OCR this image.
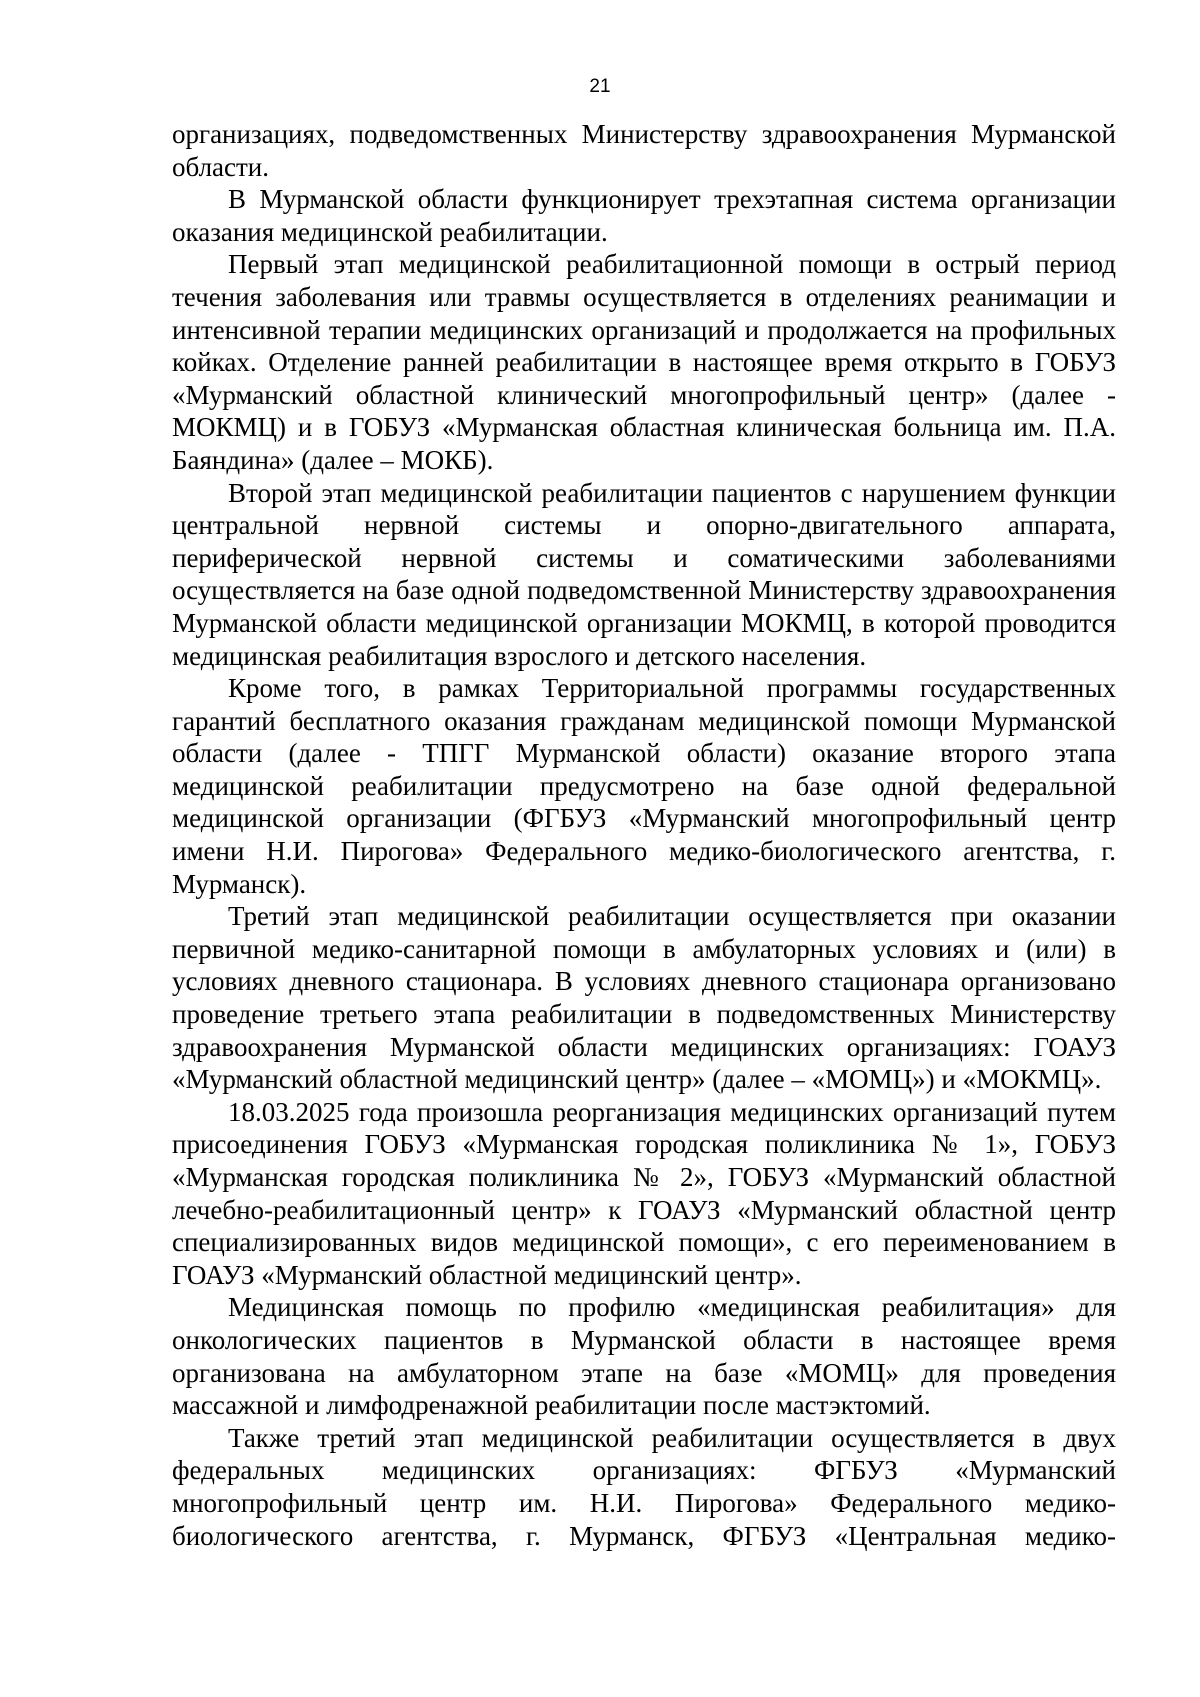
21

организациях, подведомственных Министерству здравоохранения Мурманской области.

В Мурманской области функционирует трехэтапная система организации оказания медицинской реабилитации.

Первый этап медицинской реабилитационной помощи в острый период течения заболевания или травмы осуществляется в отделениях реанимации и интенсивной терапии медицинских организаций и продолжается на профильных койках. Отделение ранней реабилитации в настоящее время открыто в ГОБУЗ «Мурманский областной клинический многопрофильный центр» (далее - МОКМЦ) и в ГОБУЗ «Мурманская областная клиническая больница им. П.А. Баяндина» (далее – МОКБ).

Второй этап медицинской реабилитации пациентов с нарушением функции центральной нервной системы и опорно-двигательного аппарата, периферической нервной системы и соматическими заболеваниями осуществляется на базе одной подведомственной Министерству здравоохранения Мурманской области медицинской организации МОКМЦ, в которой проводится медицинская реабилитация взрослого и детского населения.

Кроме того, в рамках Территориальной программы государственных гарантий бесплатного оказания гражданам медицинской помощи Мурманской области (далее - ТПГГ Мурманской области) оказание второго этапа медицинской реабилитации предусмотрено на базе одной федеральной медицинской организации (ФГБУЗ «Мурманский многопрофильный центр имени Н.И. Пирогова» Федерального медико-биологического агентства, г. Мурманск).

Третий этап медицинской реабилитации осуществляется при оказании первичной медико-санитарной помощи в амбулаторных условиях и (или) в условиях дневного стационара. В условиях дневного стационара организовано проведение третьего этапа реабилитации в подведомственных Министерству здравоохранения Мурманской области медицинских организациях: ГОАУЗ «Мурманский областной медицинский центр» (далее – «МОМЦ») и «МОКМЦ».

18.03.2025 года произошла реорганизация медицинских организаций путем присоединения ГОБУЗ «Мурманская городская поликлиника № 1», ГОБУЗ «Мурманская городская поликлиника № 2», ГОБУЗ «Мурманский областной лечебно-реабилитационный центр» к ГОАУЗ «Мурманский областной центр специализированных видов медицинской помощи», с его переименованием в ГОАУЗ «Мурманский областной медицинский центр».

Медицинская помощь по профилю «медицинская реабилитация» для онкологических пациентов в Мурманской области в настоящее время организована на амбулаторном этапе на базе «МОМЦ» для проведения массажной и лимфодренажной реабилитации после мастэктомий.

Также третий этап медицинской реабилитации осуществляется в двух федеральных медицинских организациях: ФГБУЗ «Мурманский многопрофильный центр им. Н.И. Пирогова» Федерального медико-биологического агентства, г. Мурманск, ФГБУЗ «Центральная медико-
